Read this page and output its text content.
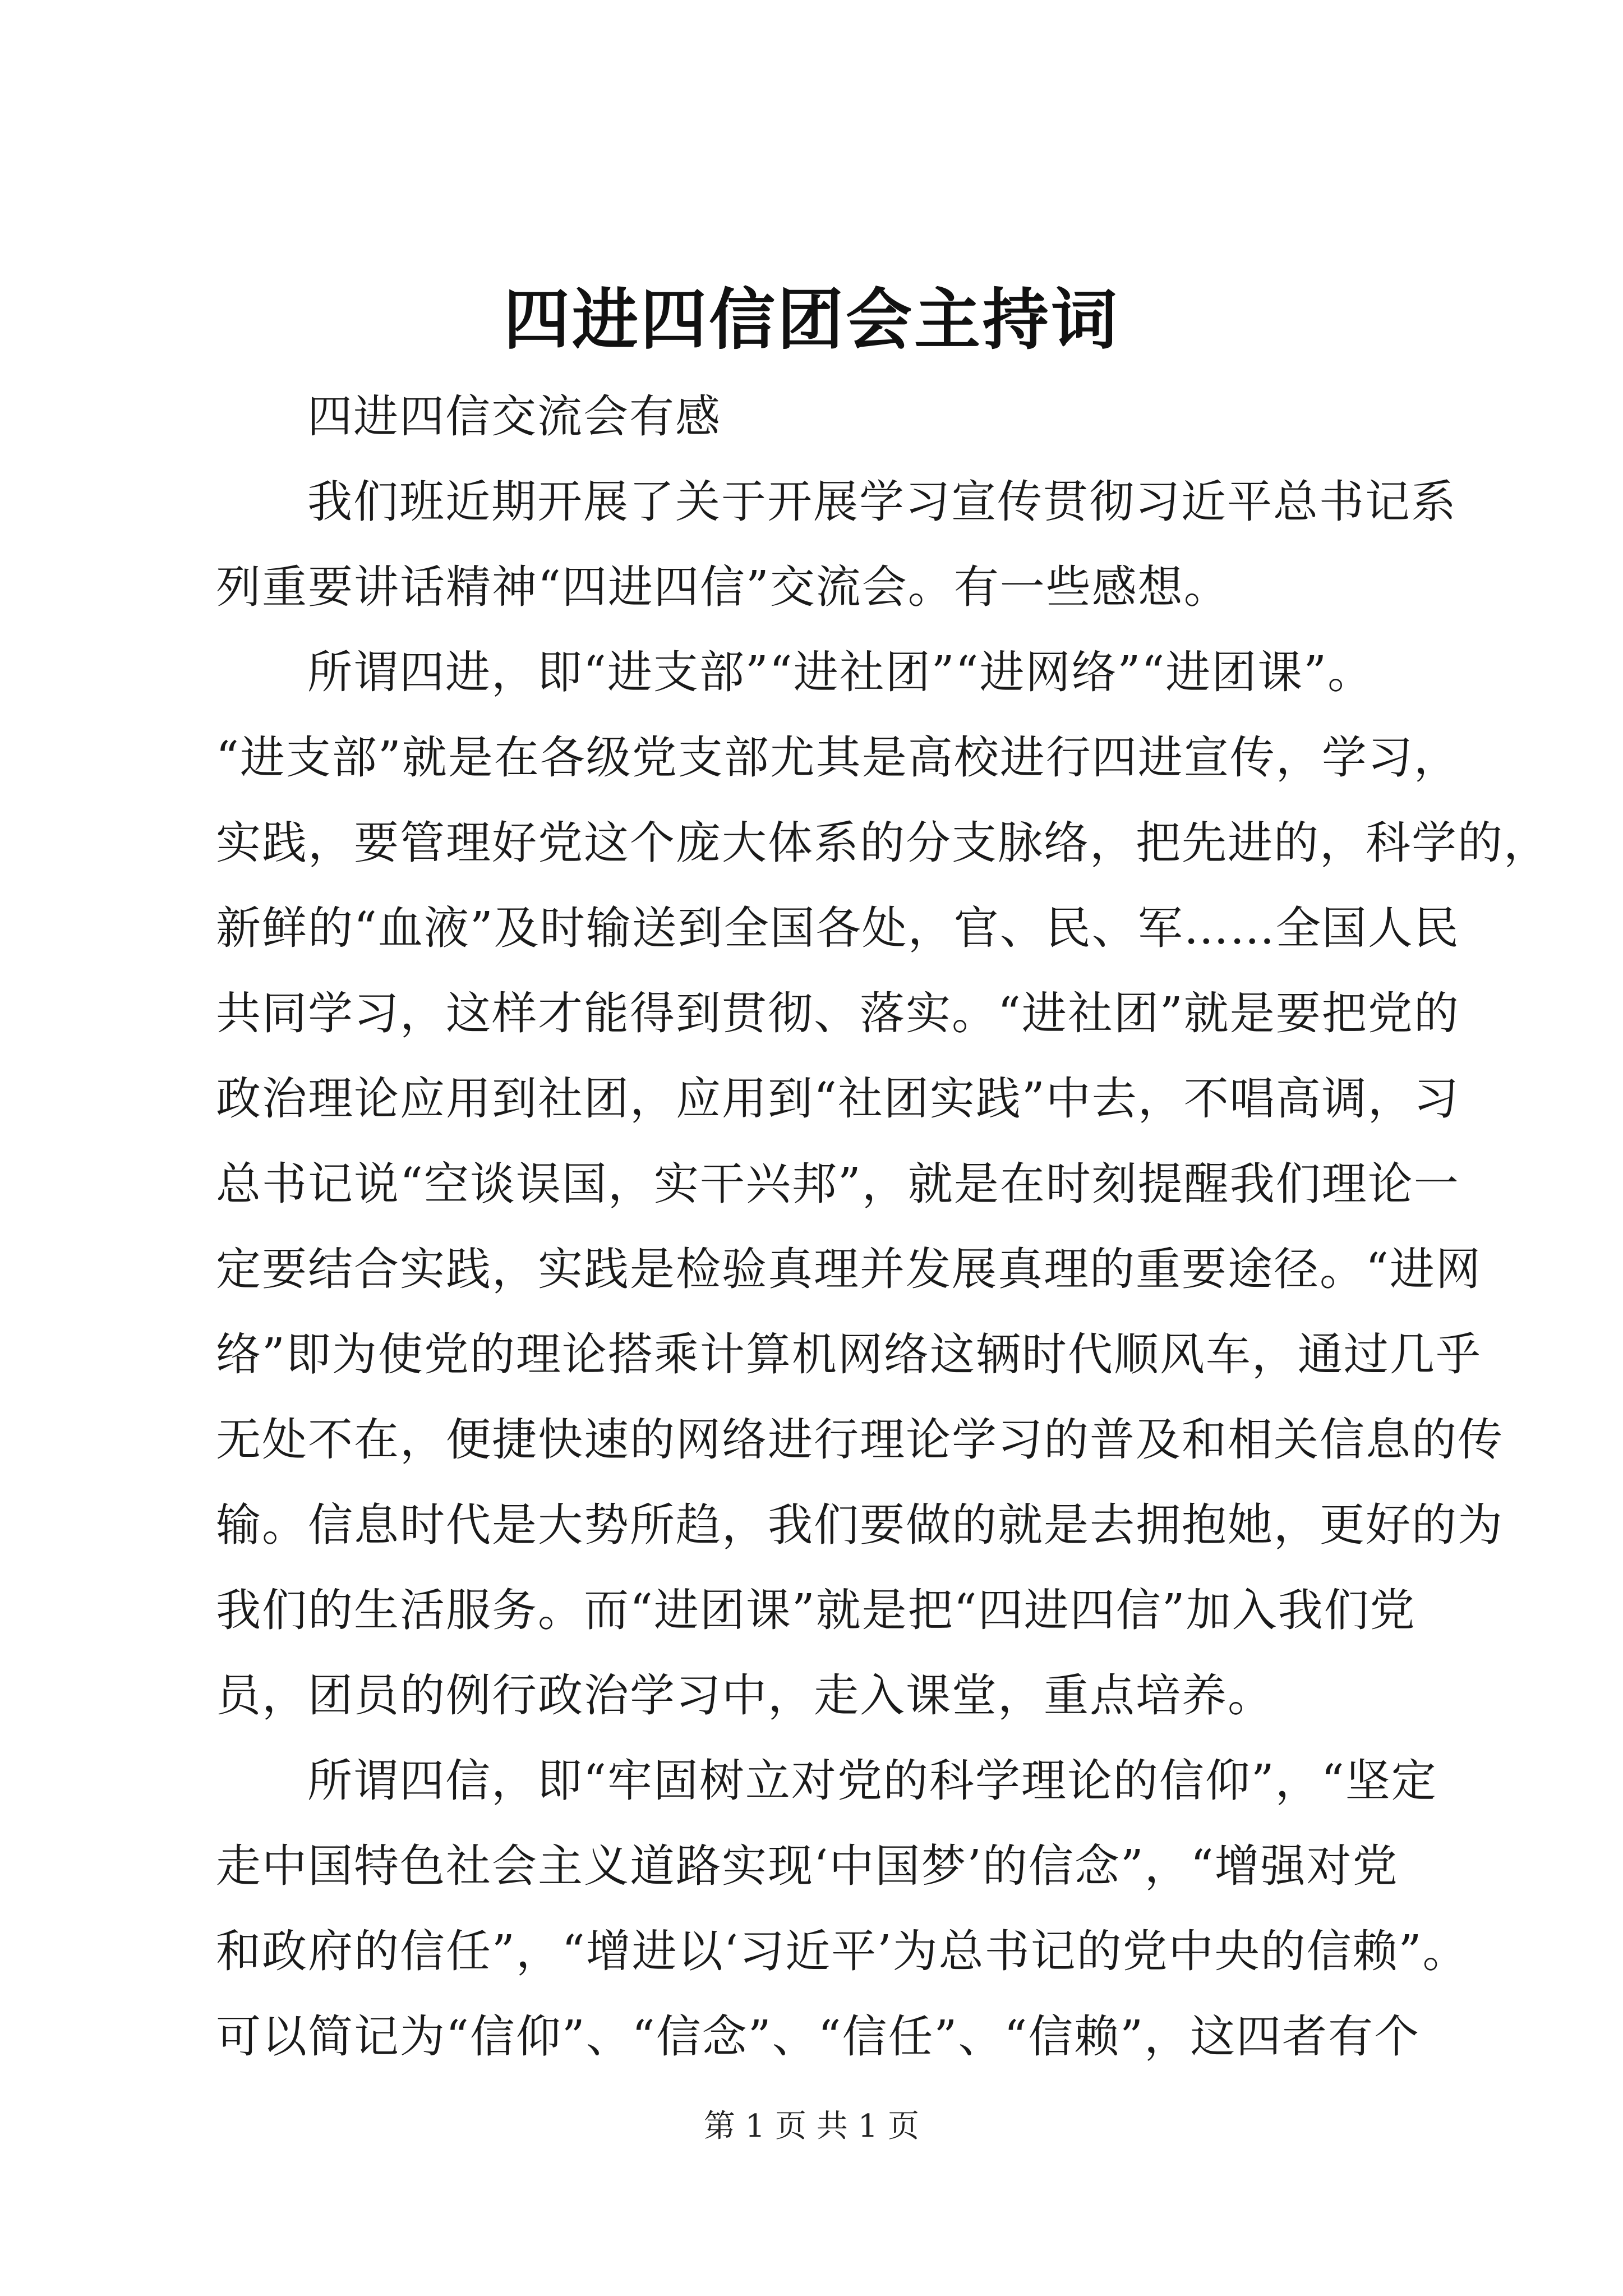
四进四信团会主持词
四进四信交流会有感
我们班近期开展了关于开展学习宣传贯彻习近平总书记系
列重要讲话精神“四进四信”交流会。有一些感想。
所谓四进，即“进支部”“进社团”“进网络”“进团课”。
“进支部”就是在各级党支部尤其是高校进行四进宣传，学习，
实践，要管理好党这个庞大体系的分支脉络，把先进的，科学的，
新鲜的“血液”及时输送到全国各处，官、民、军……全国人民
共同学习，这样才能得到贯彻、落实。“进社团”就是要把党的
政治理论应用到社团，应用到“社团实践”中去，不唱高调，习
总书记说“空谈误国，实干兴邦”，就是在时刻提醒我们理论一
定要结合实践，实践是检验真理并发展真理的重要途径。“进网
络”即为使党的理论搭乘计算机网络这辆时代顺风车，通过几乎
无处不在，便捷快速的网络进行理论学习的普及和相关信息的传
输。信息时代是大势所趋，我们要做的就是去拥抱她，更好的为
我们的生活服务。而“进团课”就是把“四进四信”加入我们党
员，团员的例行政治学习中，走入课堂，重点培养。
所谓四信，即“牢固树立对党的科学理论的信仰”，“坚定
走中国特色社会主义道路实现‘中国梦’的信念”，“增强对党
和政府的信任”，“增进以‘习近平’为总书记的党中央的信赖”。
可以简记为“信仰”、“信念”、“信任”、“信赖”，这四者有个
第 1 页 共 1 页
